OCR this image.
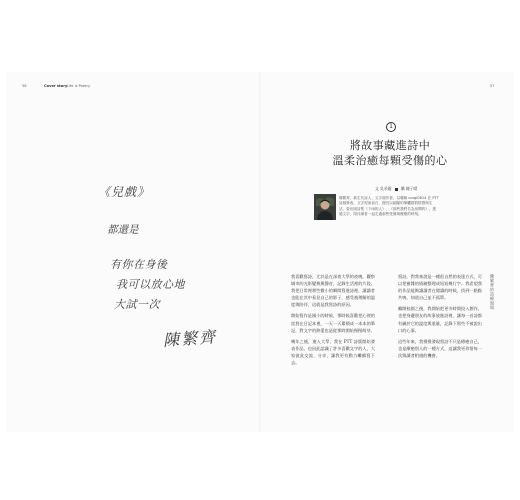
56	Cover story Life is Poetry	57
《兒戲》
都還是
有你在身後
我可以放心地
大試一次
陳繁齊
1
將故事藏進詩中
溫柔治癒每顆受傷的心
文 吳采璇 攝 陳子晴
陳繁齊，新生代詩人、文字創作者，以暱稱 corgi0614 在 PTT 詩版發表，文字短而直白，擅長以細膩的筆觸描寫情感與生活，曾出版詩集《下雨的人》、《那些我們名為房間的》，透過文字，陪伴讀者一起走過那些受傷與療癒的時刻。

我喜歡寫詩，尤其是在深夜大學的夜晚，觀察城市的光影變換與聲音，記錄生活裡的片段。我把日常裡那些微小的瞬間寫進詩裡，讓讀者也能在其中看見自己的影子，感受被理解的溫度與陪伴，這就是我寫詩的原因。

開始寫作是國小的時候，那時候喜歡把心裡的話寫在日記本裡，一天一天累積成一本本的筆記，對文字的熱愛也是從那時開始慢慢萌芽。

幾年之後，進入大學，我在 PTT 詩版開始發表作品，也因此認識了許多喜歡文字的人，大家彼此交流、分享，讓我更有動力繼續寫下去。

寫詩，對我來說是一種很自然的表達方式，可以把複雜的情緒整理成短短幾行字。我希望我的作品能夠讓讀者在閱讀的時候，找到一點點共鳴，知道自己並不孤單。

離開校園之後，我開始把更多時間投入創作，也把身邊朋友的故事放進詩裡，讓每一首詩都有屬於它的溫度與重量，記錄下那些不被說出口的心事。

這些年來，我慢慢發現寫詩不只是療癒自己，也是療癒別人的一種方式，這讓我更珍惜每一次與讀者相遇的機會。

陳繁齊的詩療現場
